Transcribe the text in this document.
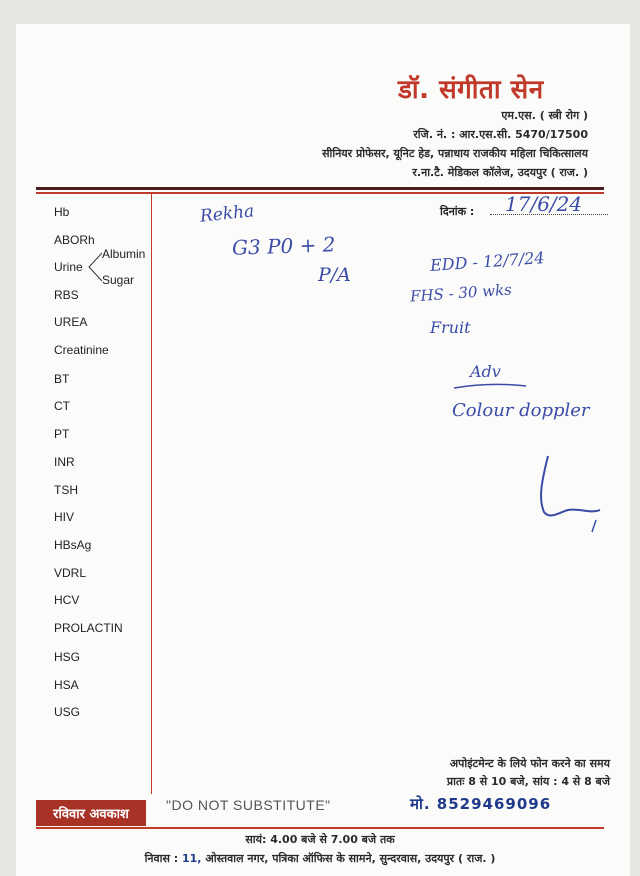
डॉ. संगीता सेन
एम.एस. ( स्त्री रोग )
रजि. नं. : आर.एस.सी. 5470/17500
सीनियर प्रोफेसर, यूनिट हेड, पन्नाधाय राजकीय महिला चिकित्सालय
र.ना.टै. मेडिकल कॉलेज, उदयपुर ( राज. )
Hb
ABORh
Urine
Albumin
Sugar
RBS
UREA
Creatinine
BT
CT
PT
INR
TSH
HIV
HBsAg
VDRL
HCV
PROLACTIN
HSG
HSA
USG
दिनांक : 17/6/24
Rekha
G3 P0 + 2
P/A
EDD - 12/7/24
FHS - 30 wks
Fruit
Adv
Colour doppler
अपोइंटमेन्ट के लिये फोन करने का समय
प्रातः 8 से 10 बजे, सांय : 4 से 8 बजे
मो. 8529469096
रविवार अवकाश
"DO NOT SUBSTITUTE"
सायं: 4.00 बजे से 7.00 बजे तक
निवास : 11, ओस्तवाल नगर, पत्रिका ऑफिस के सामने, सुन्दरवास, उदयपुर ( राज. )
